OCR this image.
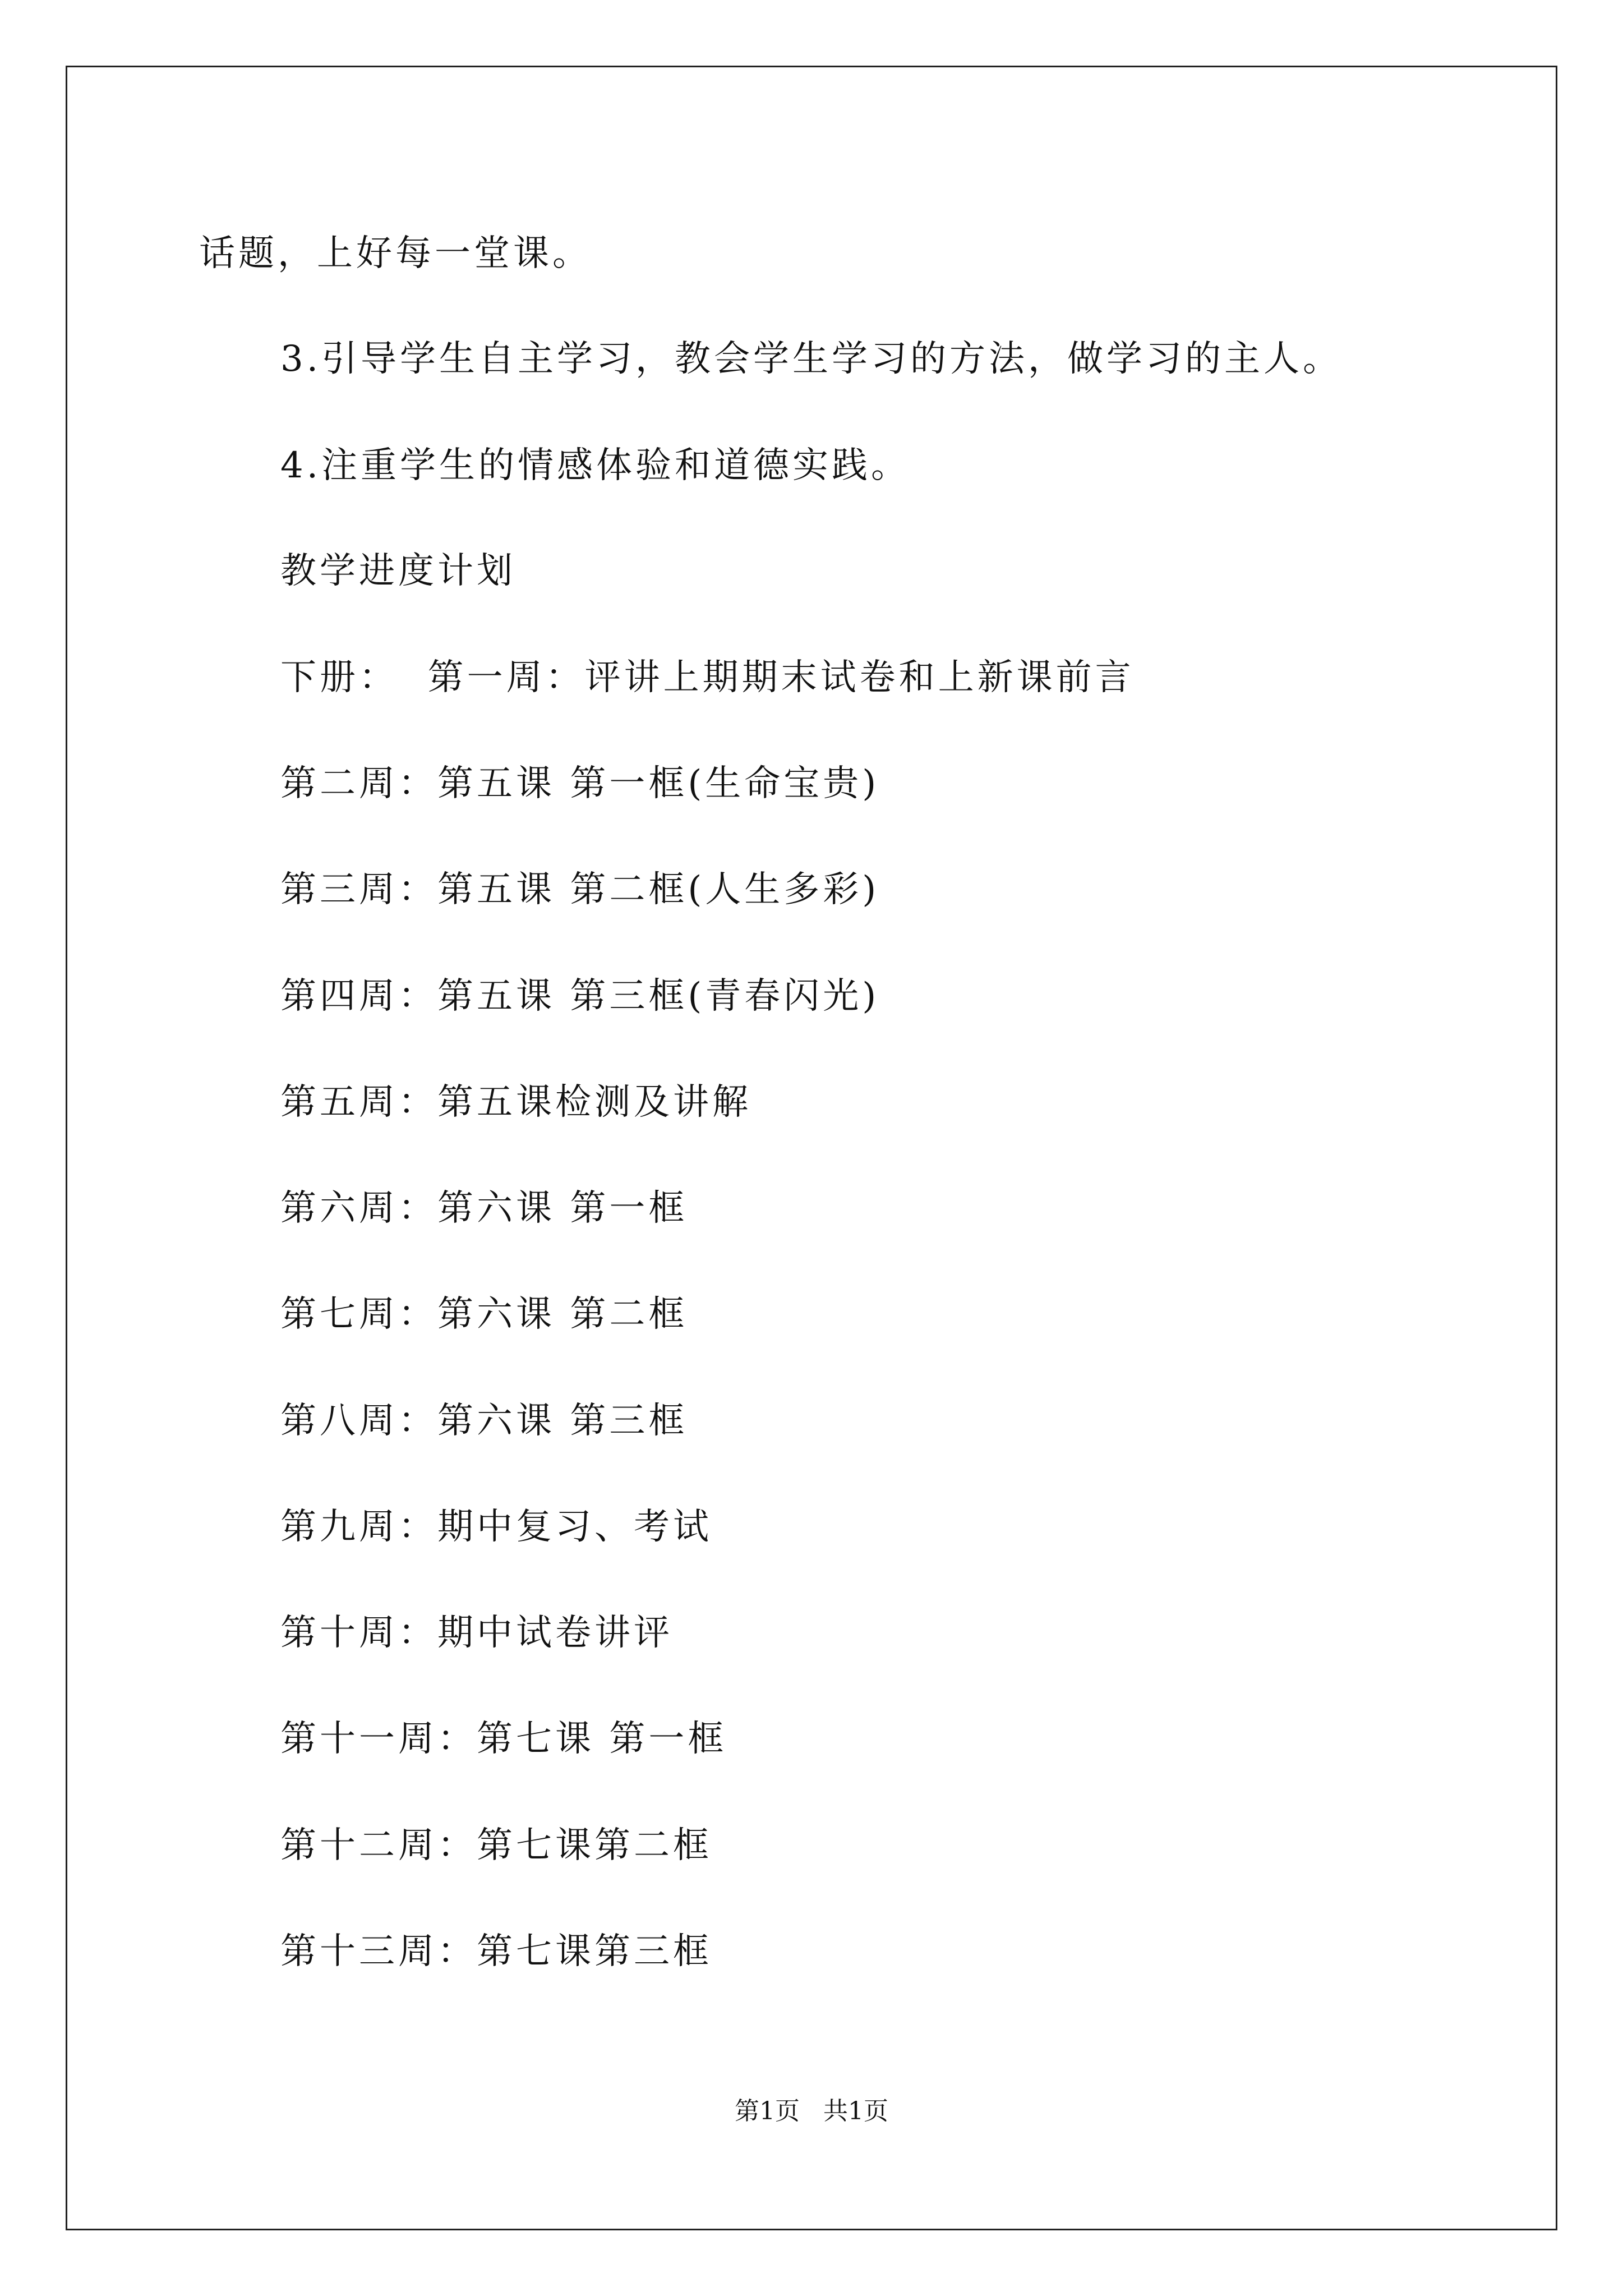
话题，上好每一堂课。
3.引导学生自主学习，教会学生学习的方法，做学习的主人。
4.注重学生的情感体验和道德实践。
教学进度计划
下册：  第一周：评讲上期期末试卷和上新课前言
第二周：第五课 第一框(生命宝贵)
第三周：第五课 第二框(人生多彩)
第四周：第五课 第三框(青春闪光)
第五周：第五课检测及讲解
第六周：第六课 第一框
第七周：第六课 第二框
第八周：第六课 第三框
第九周：期中复习、考试
第十周：期中试卷讲评
第十一周：第七课 第一框
第十二周：第七课第二框
第十三周：第七课第三框
第1页   共1页
